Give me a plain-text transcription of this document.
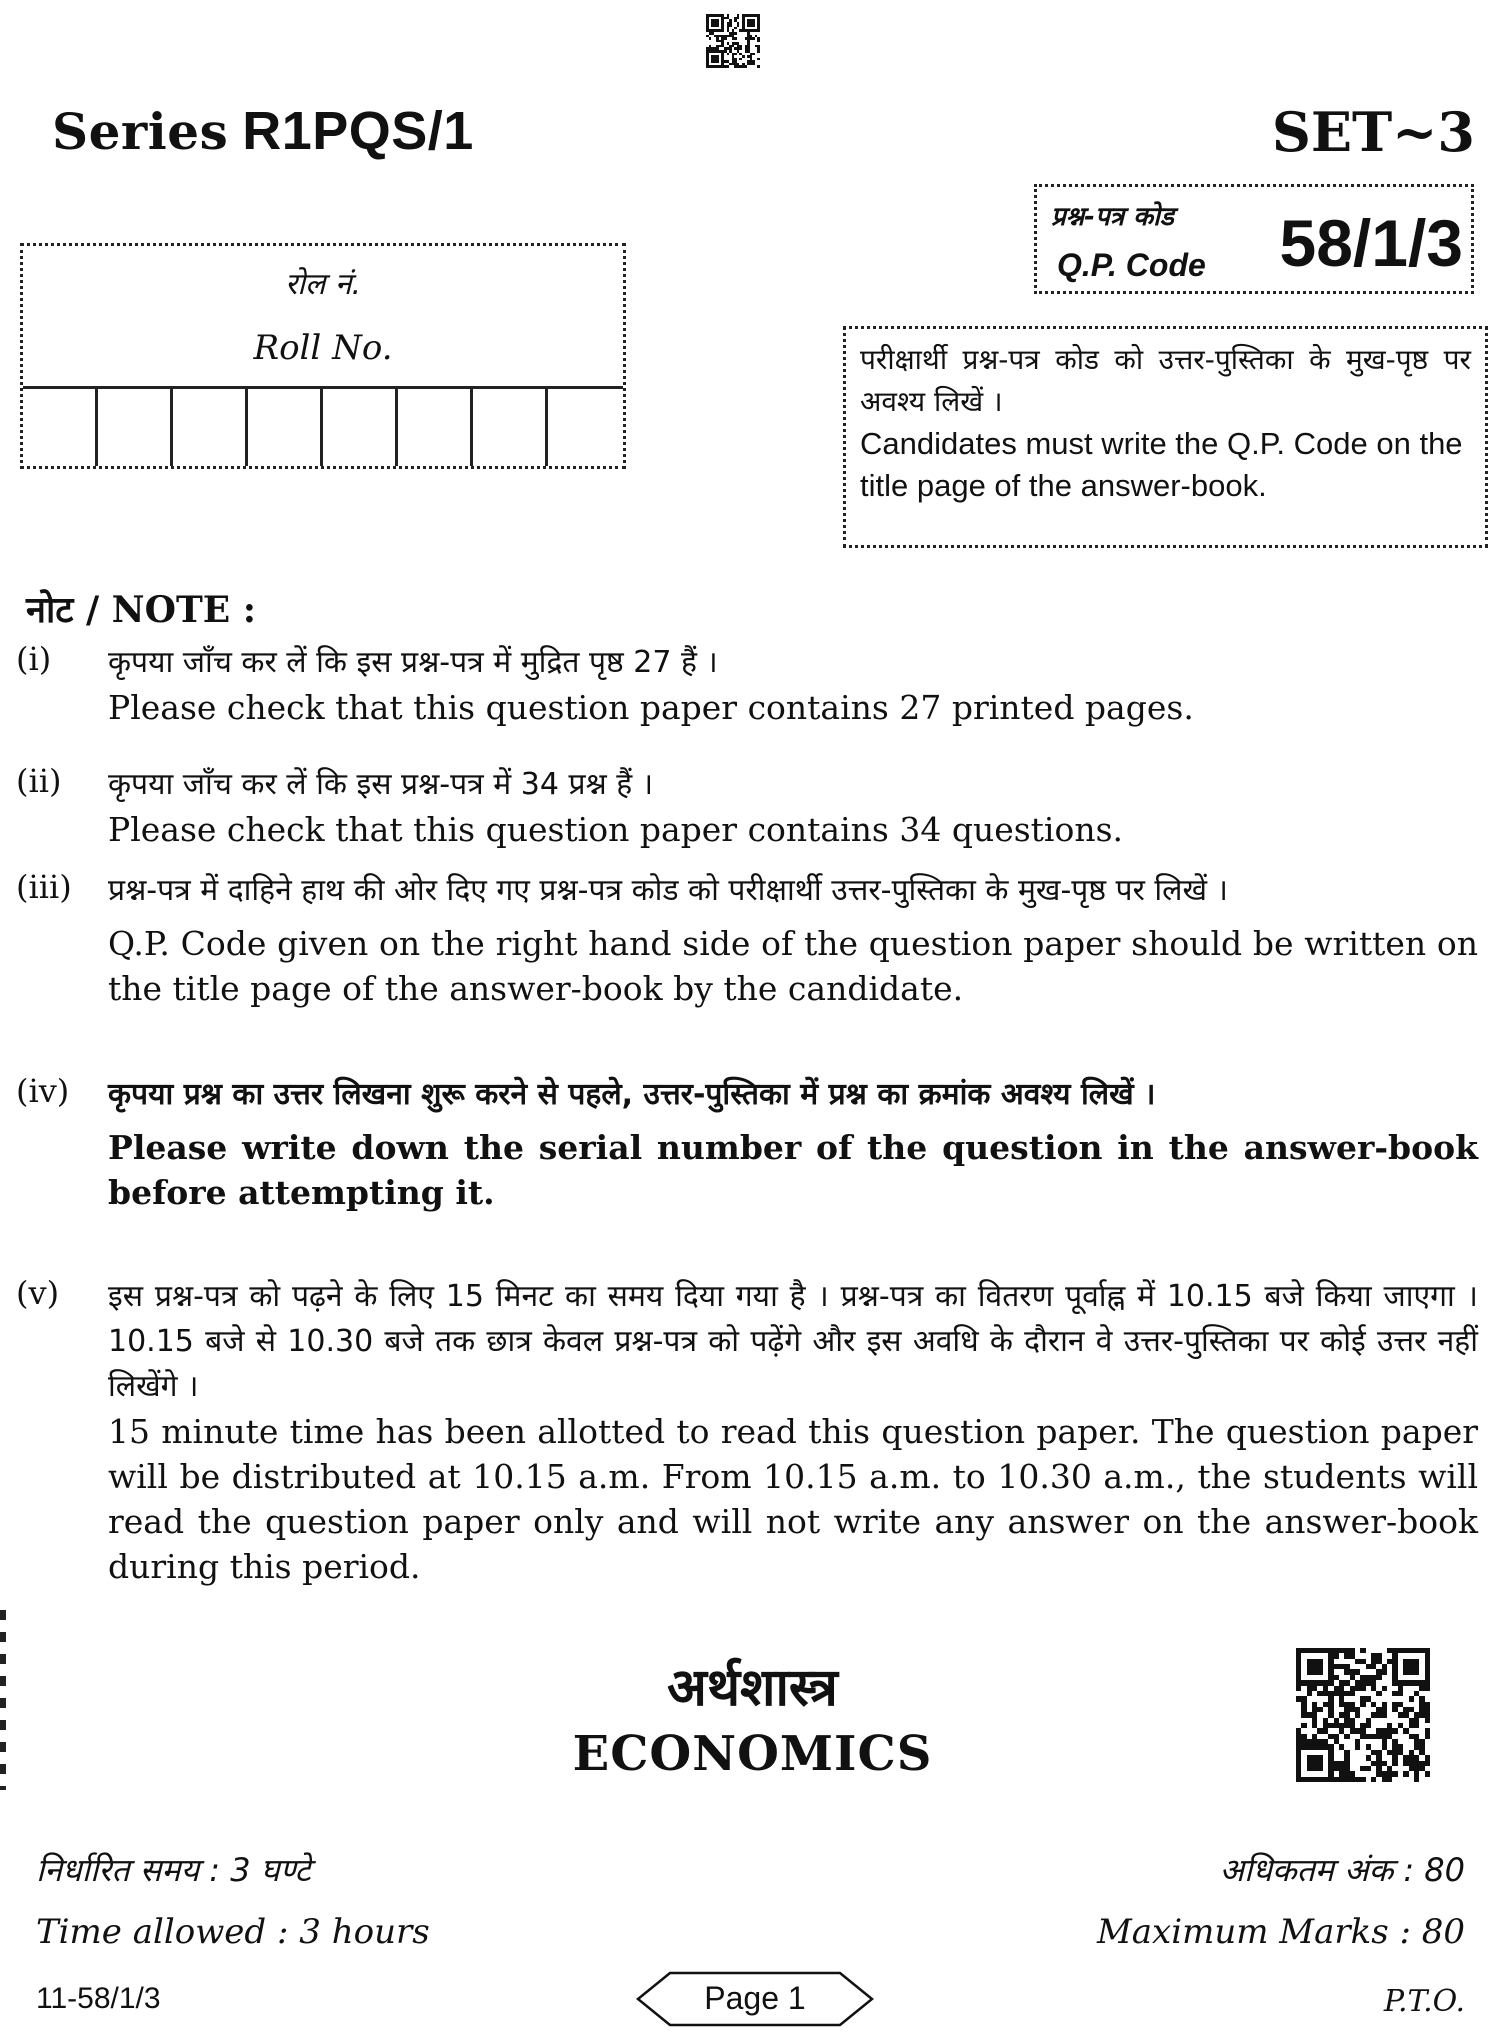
Series R1PQS/1	SET~3
प्रश्न-पत्र कोड
Q.P. Code 58/1/3
रोल नं.
Roll No.	परीक्षार्थी प्रश्न-पत्र कोड को उत्तर-पुस्तिका के मुख-पृष्ठ पर अवश्य लिखें ।
Candidates must write the Q.P. Code on the title page of the answer-book.
नोट / NOTE :
(i) कृपया जाँच कर लें कि इस प्रश्न-पत्र में मुद्रित पृष्ठ 27 हैं ।
Please check that this question paper contains 27 printed pages.
(ii) कृपया जाँच कर लें कि इस प्रश्न-पत्र में 34 प्रश्न हैं ।
Please check that this question paper contains 34 questions.
(iii) प्रश्न-पत्र में दाहिने हाथ की ओर दिए गए प्रश्न-पत्र कोड को परीक्षार्थी उत्तर-पुस्तिका के मुख-पृष्ठ पर लिखें ।
Q.P. Code given on the right hand side of the question paper should be written on the title page of the answer-book by the candidate.
(iv) कृपया प्रश्न का उत्तर लिखना शुरू करने से पहले, उत्तर-पुस्तिका में प्रश्न का क्रमांक अवश्य लिखें ।
Please write down the serial number of the question in the answer-book before attempting it.
(v) इस प्रश्न-पत्र को पढ़ने के लिए 15 मिनट का समय दिया गया है । प्रश्न-पत्र का वितरण पूर्वाह्न में 10.15 बजे किया जाएगा । 10.15 बजे से 10.30 बजे तक छात्र केवल प्रश्न-पत्र को पढ़ेंगे और इस अवधि के दौरान वे उत्तर-पुस्तिका पर कोई उत्तर नहीं लिखेंगे ।
15 minute time has been allotted to read this question paper. The question paper will be distributed at 10.15 a.m. From 10.15 a.m. to 10.30 a.m., the students will read the question paper only and will not write any answer on the answer-book during this period.
अर्थशास्त्र
ECONOMICS
निर्धारित समय : 3 घण्टे
Time allowed : 3 hours
अधिकतम अंक : 80
Maximum Marks : 80
11-58/1/3	Page 1	P.T.O.
